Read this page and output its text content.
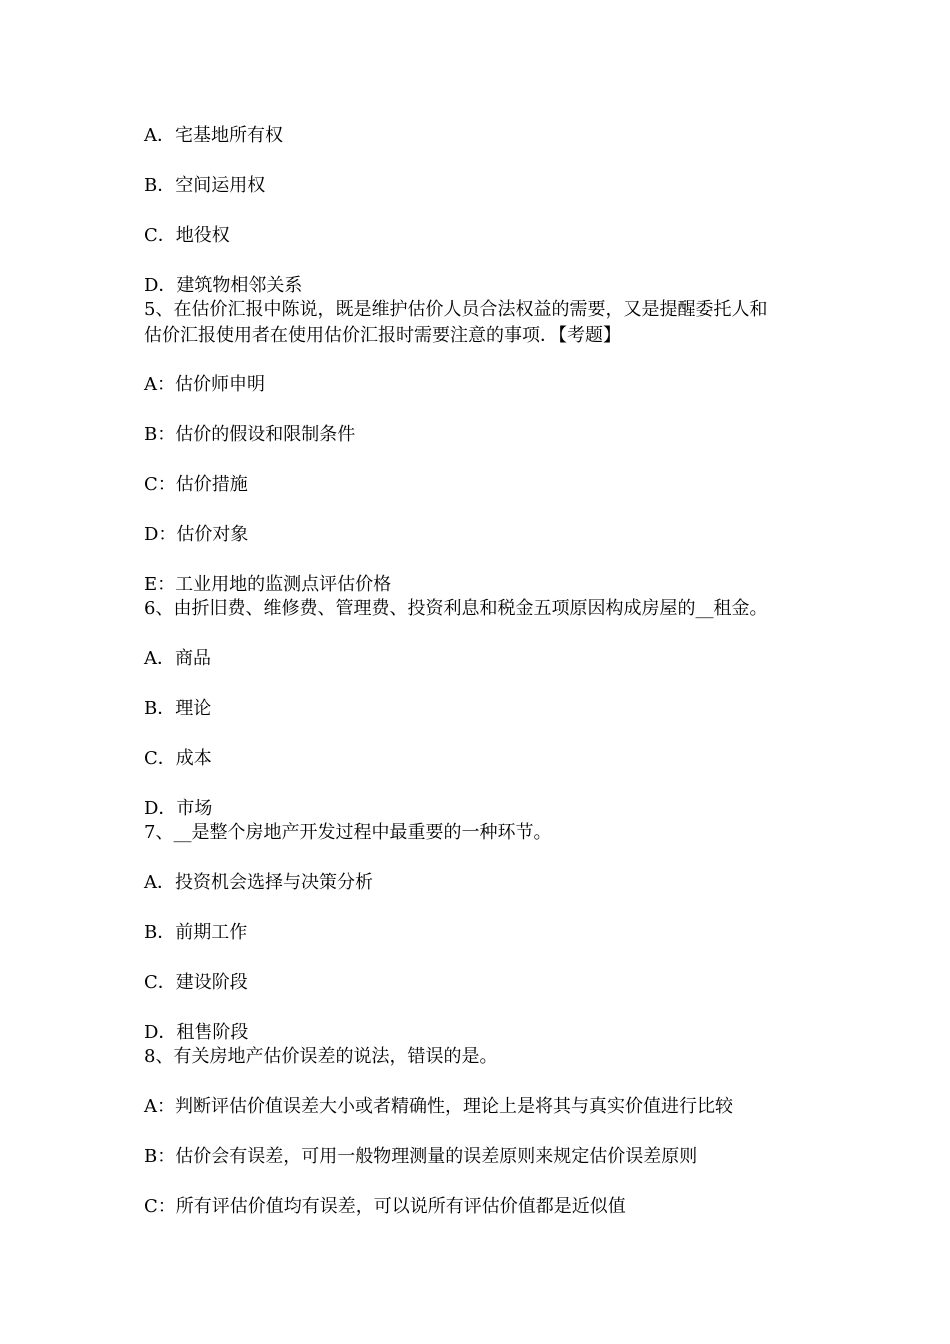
A．宅基地所有权
B．空间运用权
C．地役权
D．建筑物相邻关系
5、在估价汇报中陈说，既是维护估价人员合法权益的需要，又是提醒委托人和
估价汇报使用者在使用估价汇报时需要注意的事项．【考题】
A：估价师申明
B：估价的假设和限制条件
C：估价措施
D：估价对象
E：工业用地的监测点评估价格
6、由折旧费、维修费、管理费、投资利息和税金五项原因构成房屋的__租金。
A．商品
B．理论
C．成本
D．市场
7、__是整个房地产开发过程中最重要的一种环节。
A．投资机会选择与决策分析
B．前期工作
C．建设阶段
D．租售阶段
8、有关房地产估价误差的说法，错误的是。
A：判断评估价值误差大小或者精确性，理论上是将其与真实价值进行比较
B：估价会有误差，可用一般物理测量的误差原则来规定估价误差原则
C：所有评估价值均有误差，可以说所有评估价值都是近似值
